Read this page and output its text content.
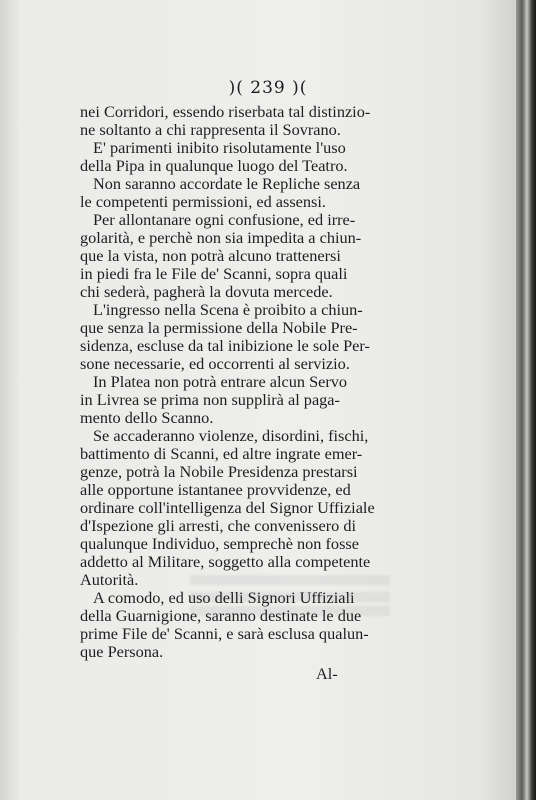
)( 239 )(
nei Corridori, essendo riserbata tal distinzio-
ne soltanto a chi rappresenta il Sovrano.
E' parimenti inibito risolutamente l'uso
della Pipa in qualunque luogo del Teatro.
Non saranno accordate le Repliche senza
le competenti permissioni, ed assensi.
Per allontanare ogni confusione, ed irre-
golarità, e perchè non sia impedita a chiun-
que la vista, non potrà alcuno trattenersi
in piedi fra le File de' Scanni, sopra quali
chi sederà, pagherà la dovuta mercede.
L'ingresso nella Scena è proibito a chiun-
que senza la permissione della Nobile Pre-
sidenza, escluse da tal inibizione le sole Per-
sone necessarie, ed occorrenti al servizio.
In Platea non potrà entrare alcun Servo
in Livrea se prima non supplirà al paga-
mento dello Scanno.
Se accaderanno violenze, disordini, fischi,
battimento di Scanni, ed altre ingrate emer-
genze, potrà la Nobile Presidenza prestarsi
alle opportune istantanee provvidenze, ed
ordinare coll'intelligenza del Signor Uffiziale
d'Ispezione gli arresti, che convenissero di
qualunque Individuo, semprechè non fosse
addetto al Militare, soggetto alla competente
Autorità.
A comodo, ed uso delli Signori Uffiziali
della Guarnigione, saranno destinate le due
prime File de' Scanni, e sarà esclusa qualun-
que Persona.
Al-
